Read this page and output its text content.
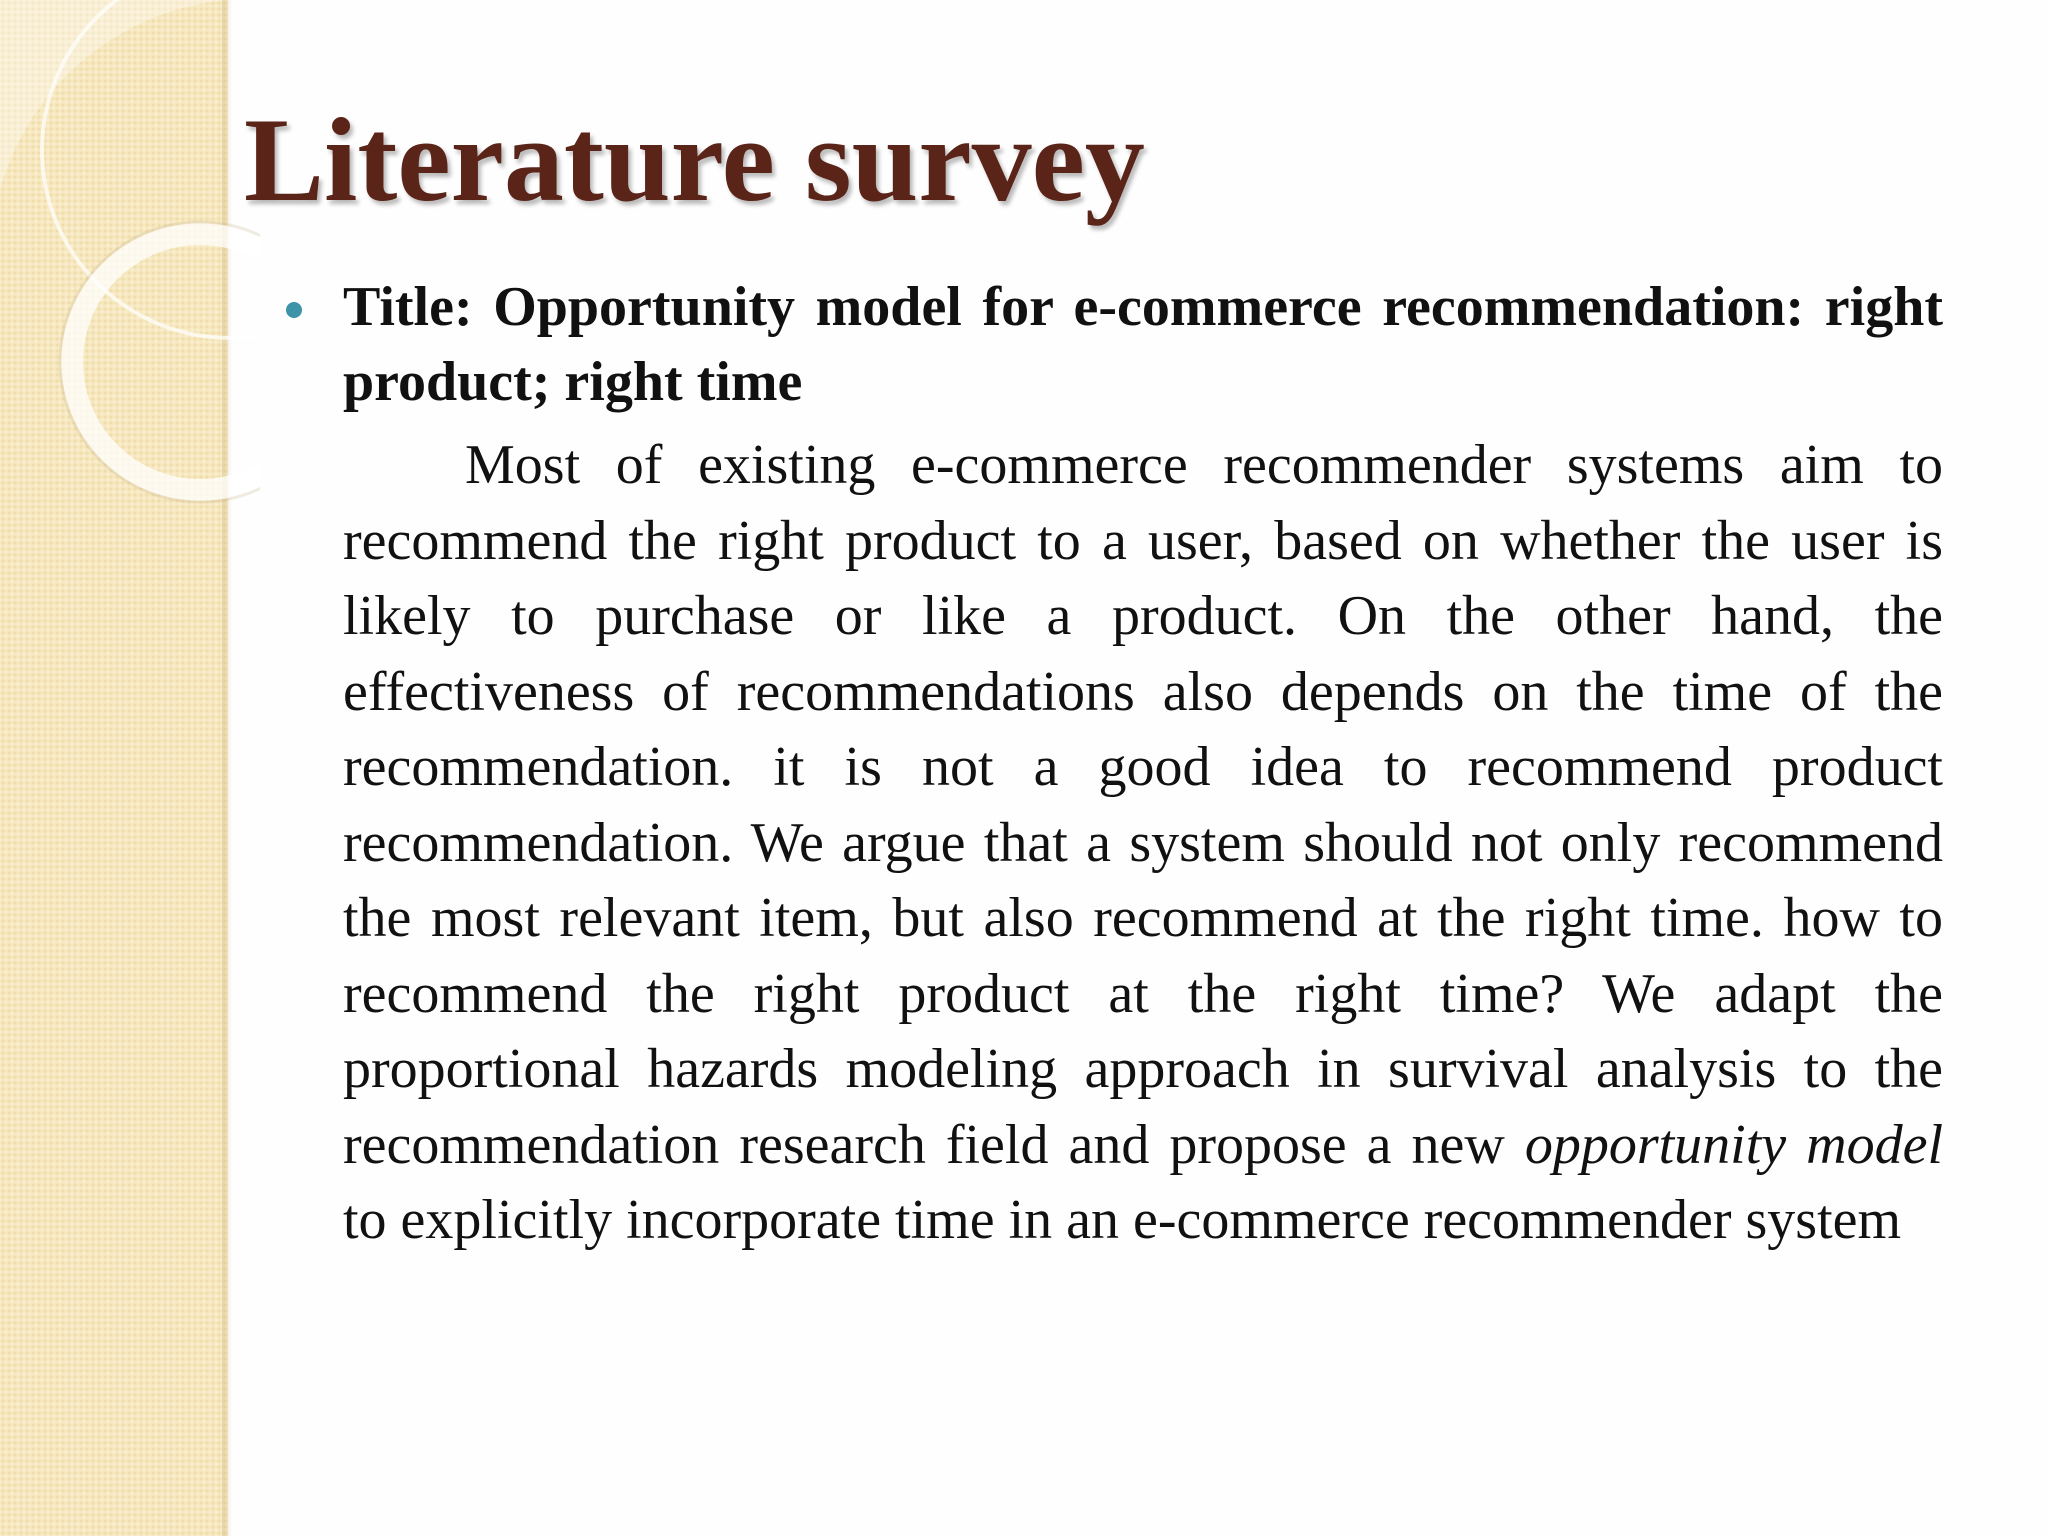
Literature survey

Title: Opportunity model for e-commerce recommendation: right product; right time

Most of existing e-commerce recommender systems aim to recommend the right product to a user, based on whether the user is likely to purchase or like a product. On the other hand, the effectiveness of recommendations also depends on the time of the recommendation. it is not a good idea to recommend product recommendation. We argue that a system should not only recommend the most relevant item, but also recommend at the right time. how to recommend the right product at the right time? We adapt the proportional hazards modeling approach in survival analysis to the recommendation research field and propose a new opportunity model to explicitly incorporate time in an e-commerce recommender system
